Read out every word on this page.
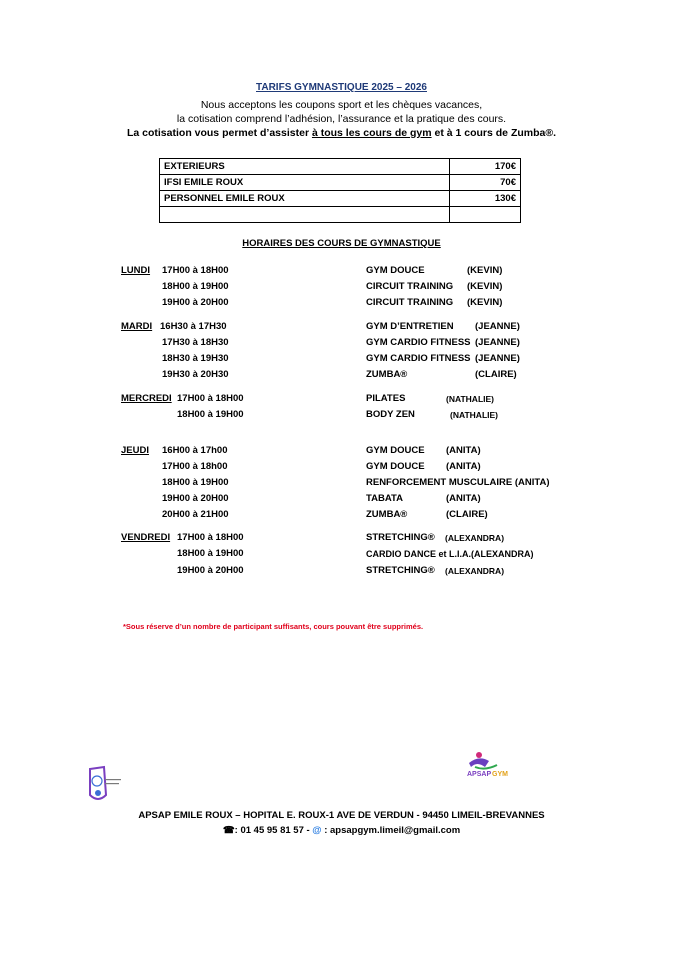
TARIFS GYMNASTIQUE 2025 – 2026
Nous acceptons les coupons sport et les chèques vacances,
la cotisation comprend l’adhésion, l’assurance et la pratique des cours.
La cotisation vous permet d’assister à tous les cours de gym et à 1 cours de Zumba®.
EXTERIEURS	170€
IFSI EMILE ROUX	70€
PERSONNEL EMILE ROUX	130€

HORAIRES DES COURS DE GYMNASTIQUE
LUNDI 17H00 à 18H00	GYM DOUCE	(KEVIN)
18H00 à 19H00	CIRCUIT TRAINING (KEVIN)
19H00 à 20H00	CIRCUIT TRAINING (KEVIN)
MARDI 16H30 à 17H30	GYM D’ENTRETIEN (JEANNE)
17H30 à 18H30	GYM CARDIO FITNESS (JEANNE)
18H30 à 19H30	GYM CARDIO FITNESS (JEANNE)
19H30 à 20H30	ZUMBA®	(CLAIRE)
MERCREDI 17H00 à 18H00	PILATES	(NATHALIE)
18H00 à 19H00	BODY ZEN	(NATHALIE)
JEUDI 16H00 à 17h00	GYM DOUCE (ANITA)
17H00 à 18h00	GYM DOUCE (ANITA)
18H00 à 19H00	RENFORCEMENT MUSCULAIRE (ANITA)
19H00 à 20H00	TABATA	(ANITA)
20H00 à 21H00	ZUMBA®	(CLAIRE)
VENDREDI 17H00 à 18H00	STRETCHING® (ALEXANDRA)
18H00 à 19H00	CARDIO DANCE et L.I.A.(ALEXANDRA)
19H00 à 20H00	STRETCHING® (ALEXANDRA)
*Sous réserve d’un nombre de participant suffisants, cours pouvant être supprimés.
APSAP GYM
APSAP EMILE ROUX – HOPITAL E. ROUX-1 AVE DE VERDUN - 94450 LIMEIL-BREVANNES
☎: 01 45 95 81 57 - @ : apsapgym.limeil@gmail.com
